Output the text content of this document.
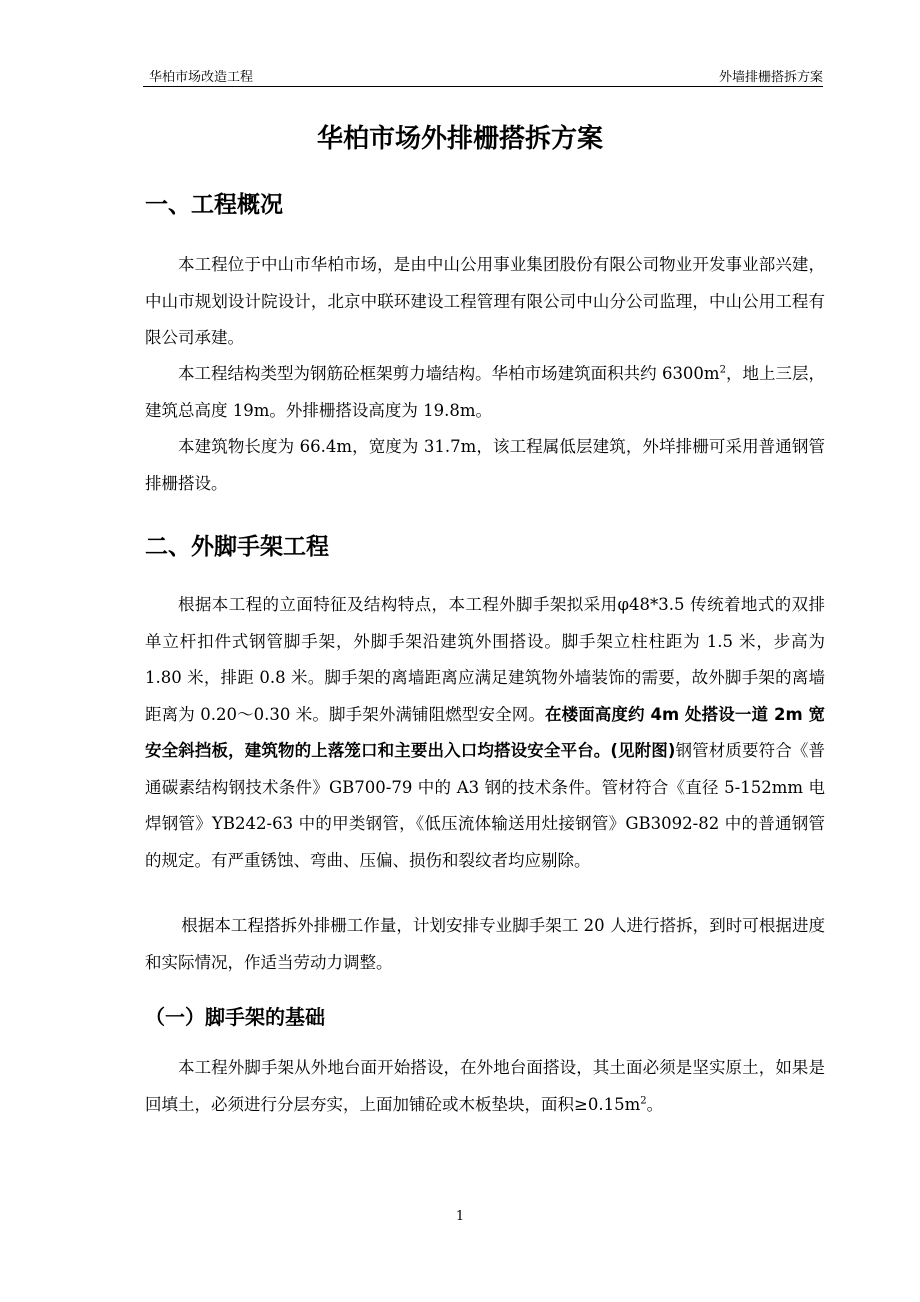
华柏市场改造工程	外墙排栅搭拆方案
华柏市场外排栅搭拆方案
一、工程概况
本工程位于中山市华柏市场，是由中山公用事业集团股份有限公司物业开发事业部兴建，中山市规划设计院设计，北京中联环建设工程管理有限公司中山分公司监理，中山公用工程有限公司承建。
本工程结构类型为钢筋砼框架剪力墙结构。华柏市场建筑面积共约 $6300m^2$，地上三层，建筑总高度 19m。外排栅搭设高度为 19.8m。
本建筑物长度为 66.4m，宽度为 31.7m，该工程属低层建筑，外垟排栅可采用普通钢管排栅搭设。
二、外脚手架工程
根据本工程的立面特征及结构特点，本工程外脚手架拟采用φ48*3.5 传统着地式的双排单立杆扣件式钢管脚手架，外脚手架沿建筑外围搭设。脚手架立柱柱距为 1.5 米，步高为 1.80 米，排距 0.8 米。脚手架的离墙距离应满足建筑物外墙装饰的需要，故外脚手架的离墙距离为 0.20～0.30 米。脚手架外满铺阻燃型安全网。在楼面高度约 4m 处搭设一道 2m 宽安全斜挡板，建筑物的上落笼口和主要出入口均搭设安全平台。(见附图)钢管材质要符合《普通碳素结构钢技术条件》GB700-79 中的 A3 钢的技术条件。管材符合《直径 5-152mm 电焊钢管》YB242-63 中的甲类钢管，《低压流体输送用灶接钢管》GB3092-82 中的普通钢管的规定。有严重锈蚀、弯曲、压偏、损伤和裂纹者均应剔除。
根据本工程搭拆外排栅工作量，计划安排专业脚手架工 20 人进行搭拆，到时可根据进度和实际情况，作适当劳动力调整。
（一）脚手架的基础
本工程外脚手架从外地台面开始搭设，在外地台面搭设，其土面必须是坚实原土，如果是回填土，必须进行分层夯实，上面加铺砼或木板垫块，面积$\ge 0.15m^2$。
1
